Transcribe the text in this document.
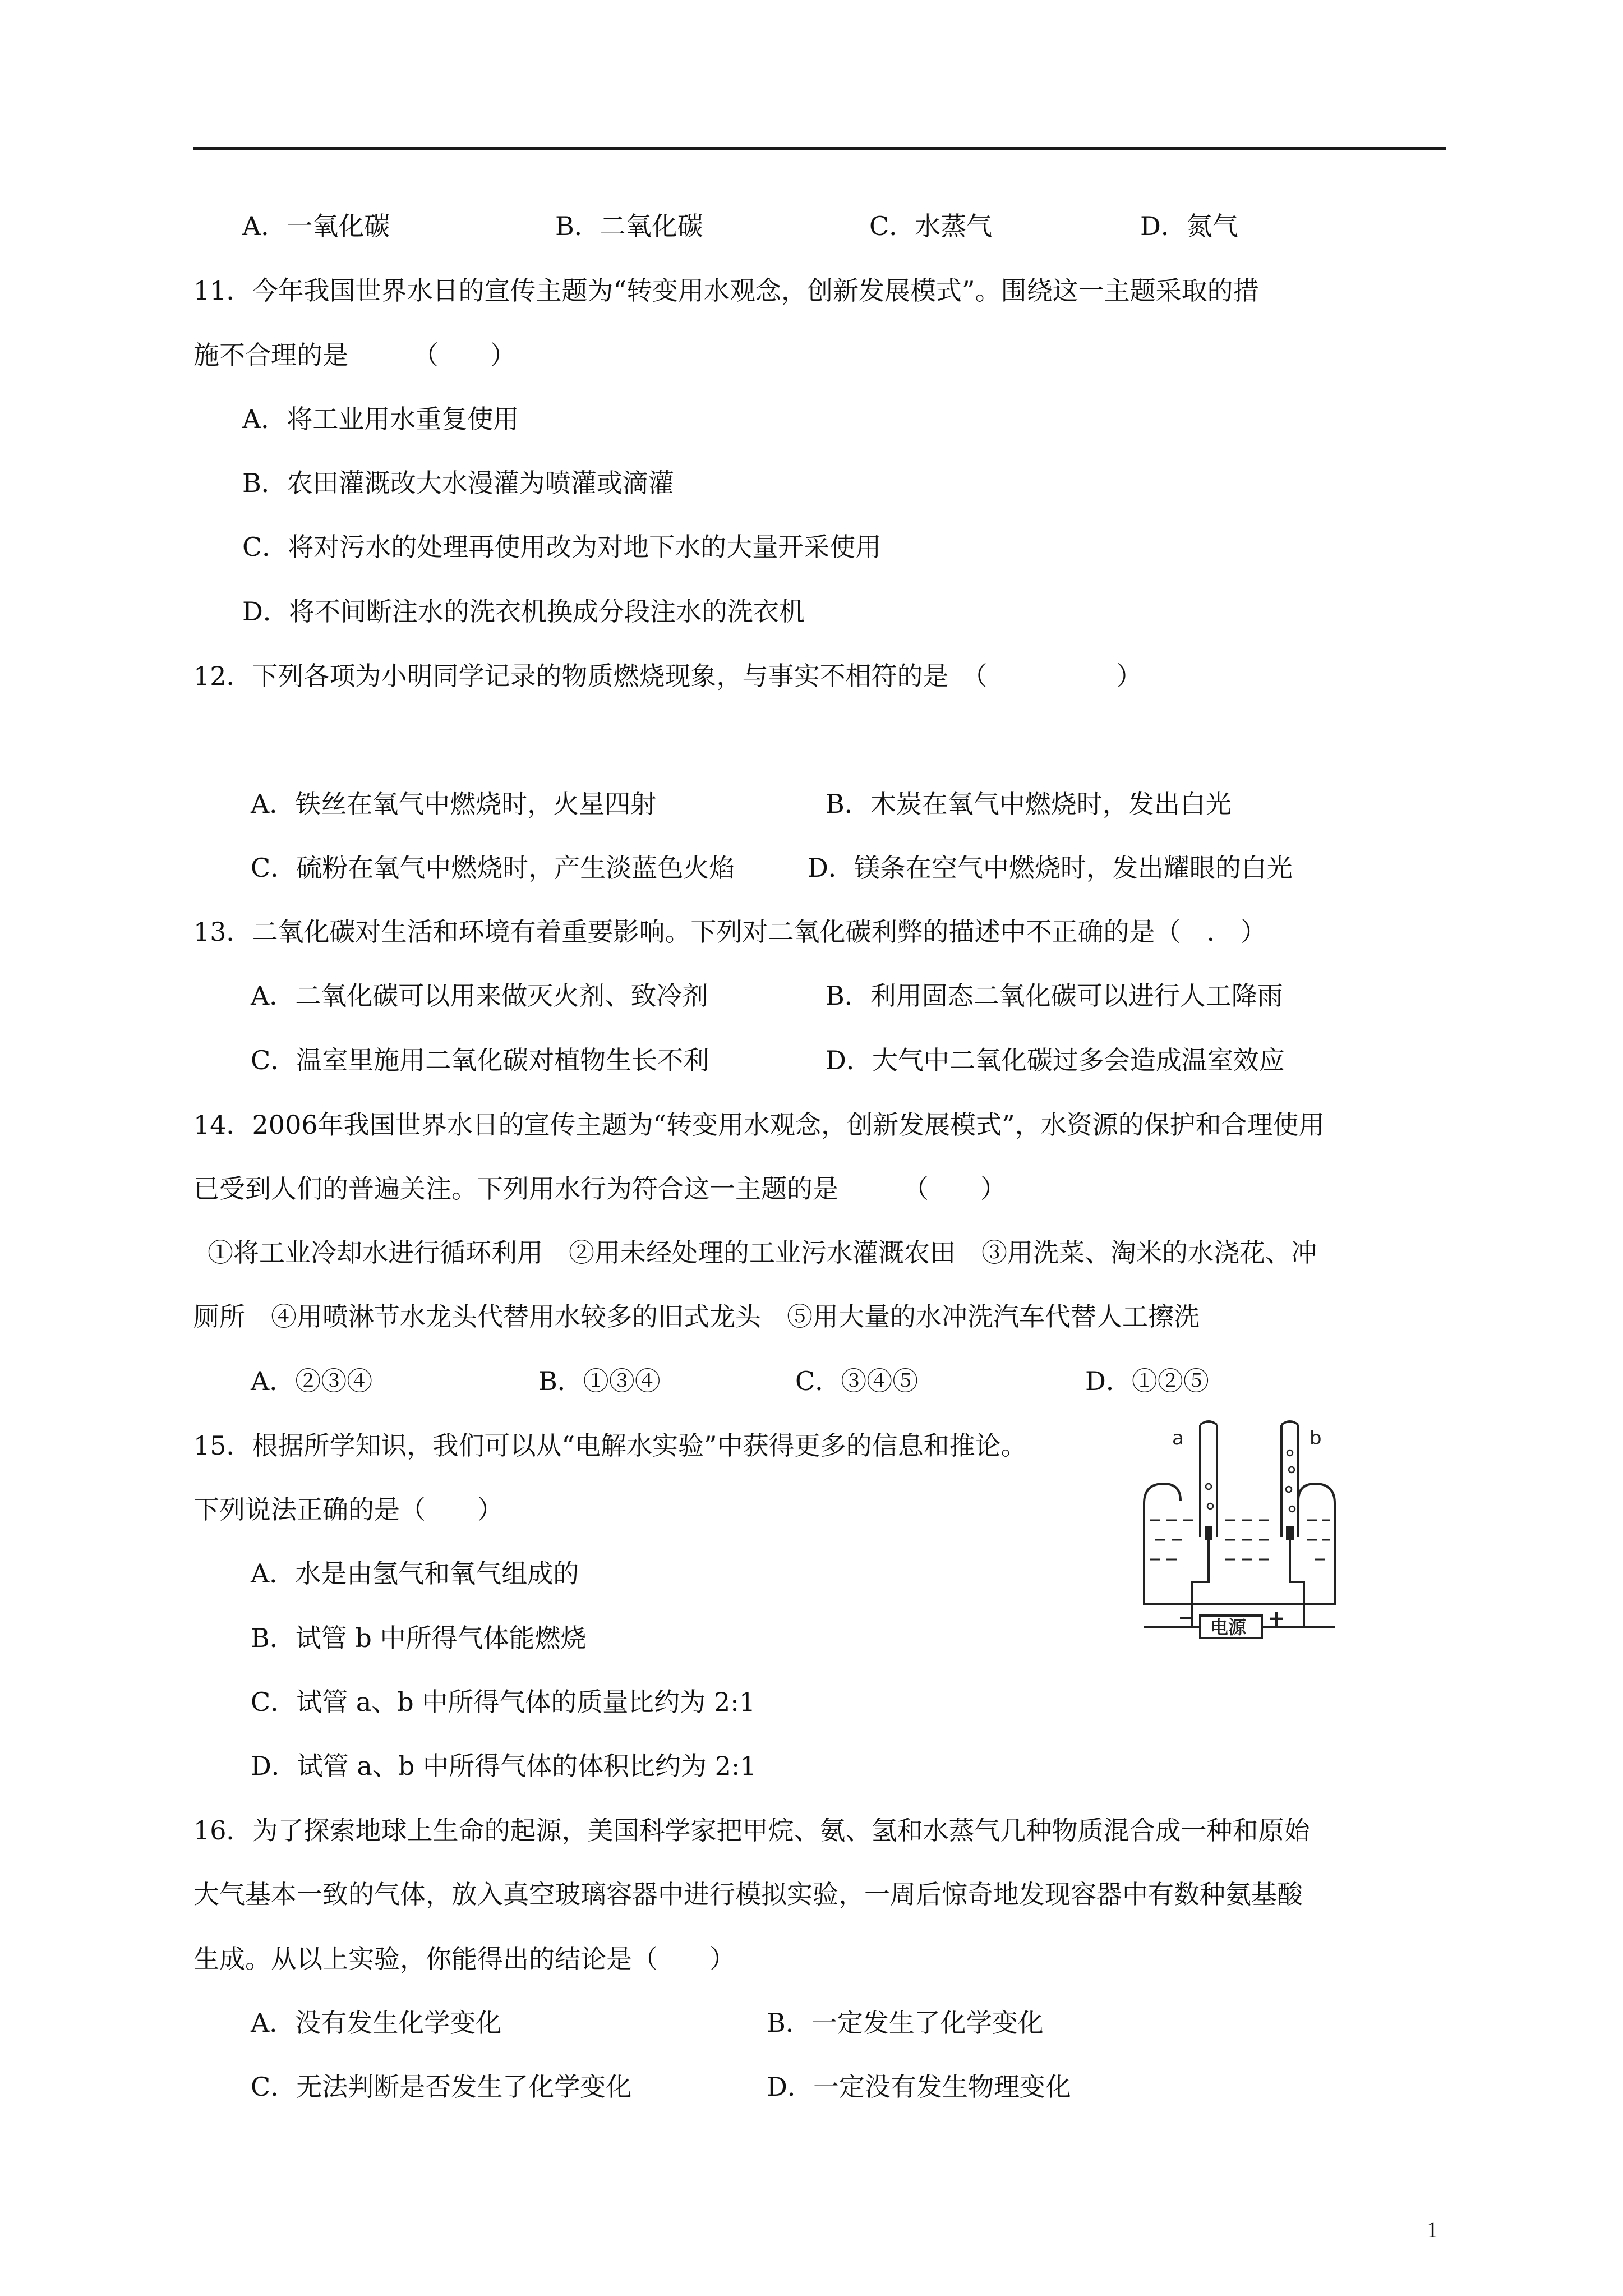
A．一氧化碳	B．二氧化碳	C．水蒸气	D．氮气
11．今年我国世界水日的宣传主题为“转变用水观念，创新发展模式”。围绕这一主题采取的措
施不合理的是　　　（　　）
A．将工业用水重复使用
B．农田灌溉改大水漫灌为喷灌或滴灌
C．将对污水的处理再使用改为对地下水的大量开采使用
D．将不间断注水的洗衣机换成分段注水的洗衣机
12．下列各项为小明同学记录的物质燃烧现象，与事实不相符的是　（　　　　　）
A．铁丝在氧气中燃烧时，火星四射	B．木炭在氧气中燃烧时，发出白光
C．硫粉在氧气中燃烧时，产生淡蓝色火焰	D．镁条在空气中燃烧时，发出耀眼的白光
13．二氧化碳对生活和环境有着重要影响。下列对二氧化碳利弊的描述中不正确的是（　.　）
A．二氧化碳可以用来做灭火剂、致冷剂	B．利用固态二氧化碳可以进行人工降雨
C．温室里施用二氧化碳对植物生长不利	D．大气中二氧化碳过多会造成温室效应
14．2006年我国世界水日的宣传主题为“转变用水观念，创新发展模式”，水资源的保护和合理使用
已受到人们的普遍关注。下列用水行为符合这一主题的是　　　（　　）
①将工业冷却水进行循环利用　②用未经处理的工业污水灌溉农田　③用洗菜、淘米的水浇花、冲
厕所　④用喷淋节水龙头代替用水较多的旧式龙头　⑤用大量的水冲洗汽车代替人工擦洗
A．②③④	B．①③④	C．③④⑤	D．①②⑤
15．根据所学知识，我们可以从“电解水实验”中获得更多的信息和推论。
下列说法正确的是（　　）
A．水是由氢气和氧气组成的
B．试管 b 中所得气体能燃烧
C．试管 a、b 中所得气体的质量比约为 2:1
D．试管 a、b 中所得气体的体积比约为 2:1
a	b
电源
−	+
16．为了探索地球上生命的起源，美国科学家把甲烷、氨、氢和水蒸气几种物质混合成一种和原始
大气基本一致的气体，放入真空玻璃容器中进行模拟实验，一周后惊奇地发现容器中有数种氨基酸
生成。从以上实验，你能得出的结论是（　　）
A．没有发生化学变化	B．一定发生了化学变化
C．无法判断是否发生了化学变化	D．一定没有发生物理变化
1
